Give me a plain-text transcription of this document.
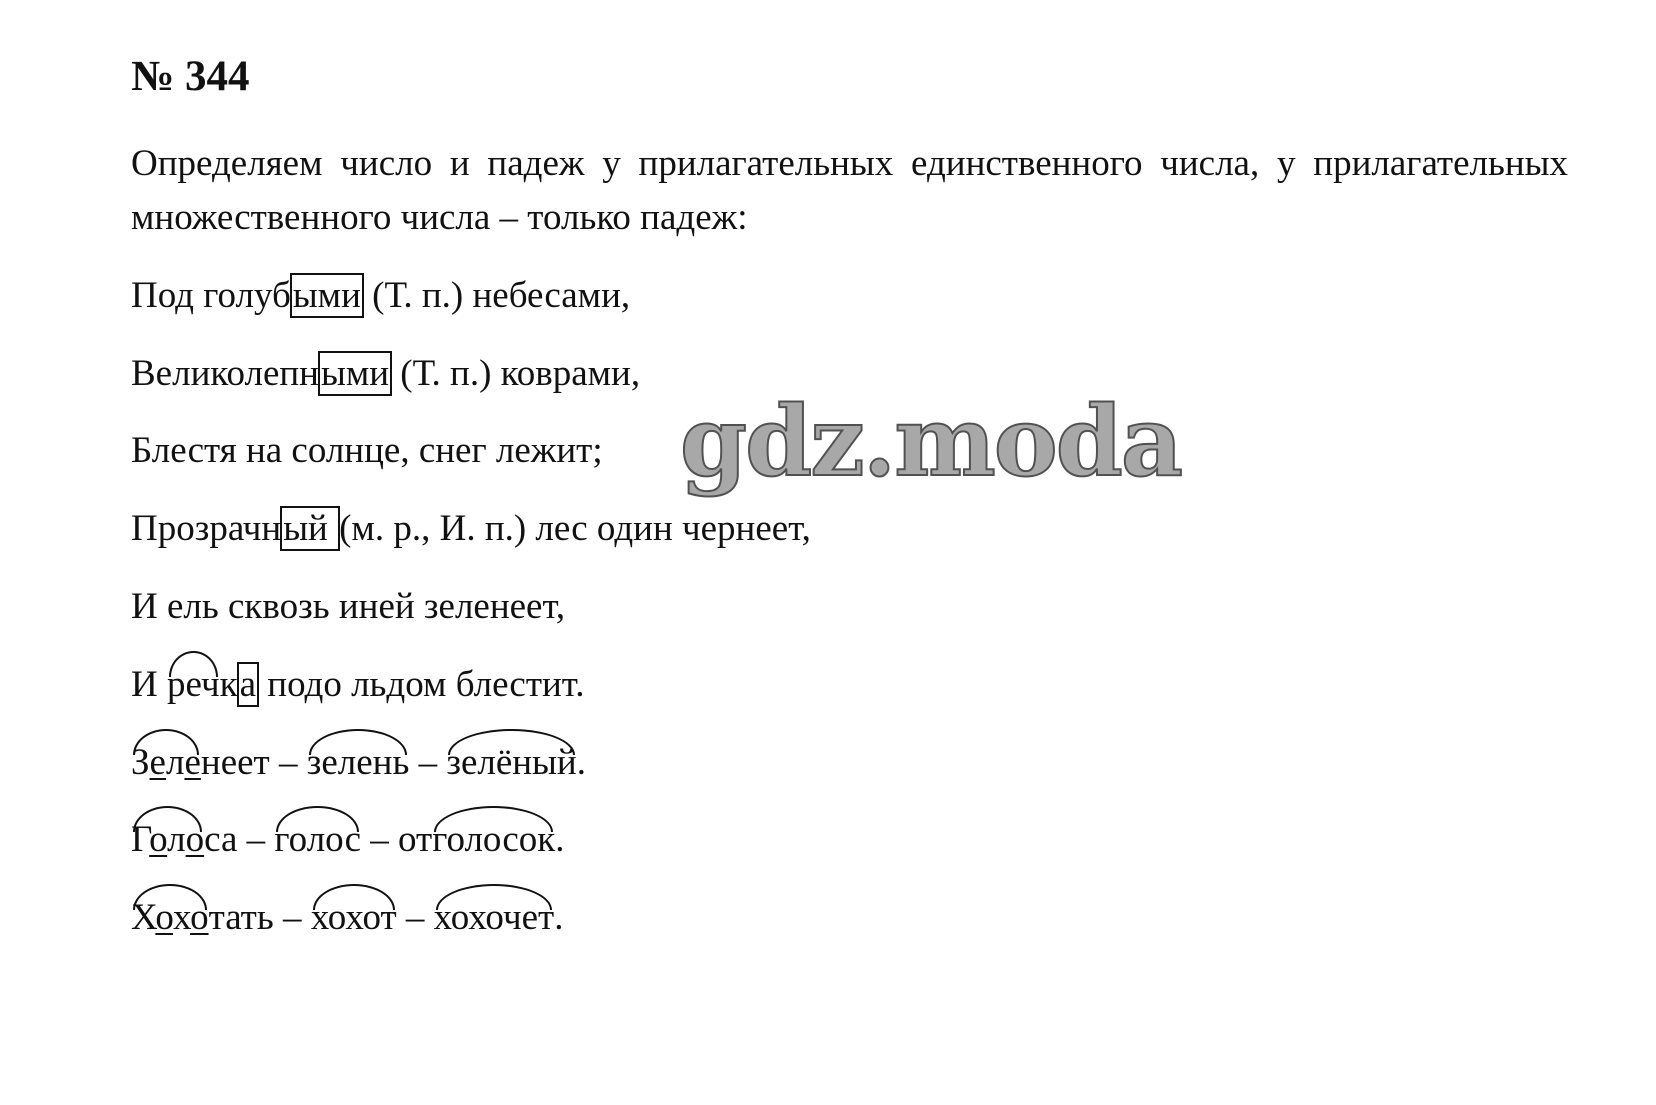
№ 344
Определяем число и падеж у прилагательных единственного числа, у прилагательных множественного числа – только падеж:
Под голубыми (Т. п.) небесами,
Великолепными (Т. п.) коврами,
Блестя на солнце, снег лежит;
Прозрачный (м. р., И. п.) лес один чернеет,
И ель сквозь иней зеленеет,
И речка подо льдом блестит.
Зеленеет – зелень – зелёный.
Голоса – голос – отголосок.
Хохотать – хохот – хохочет.
gdz.moda
